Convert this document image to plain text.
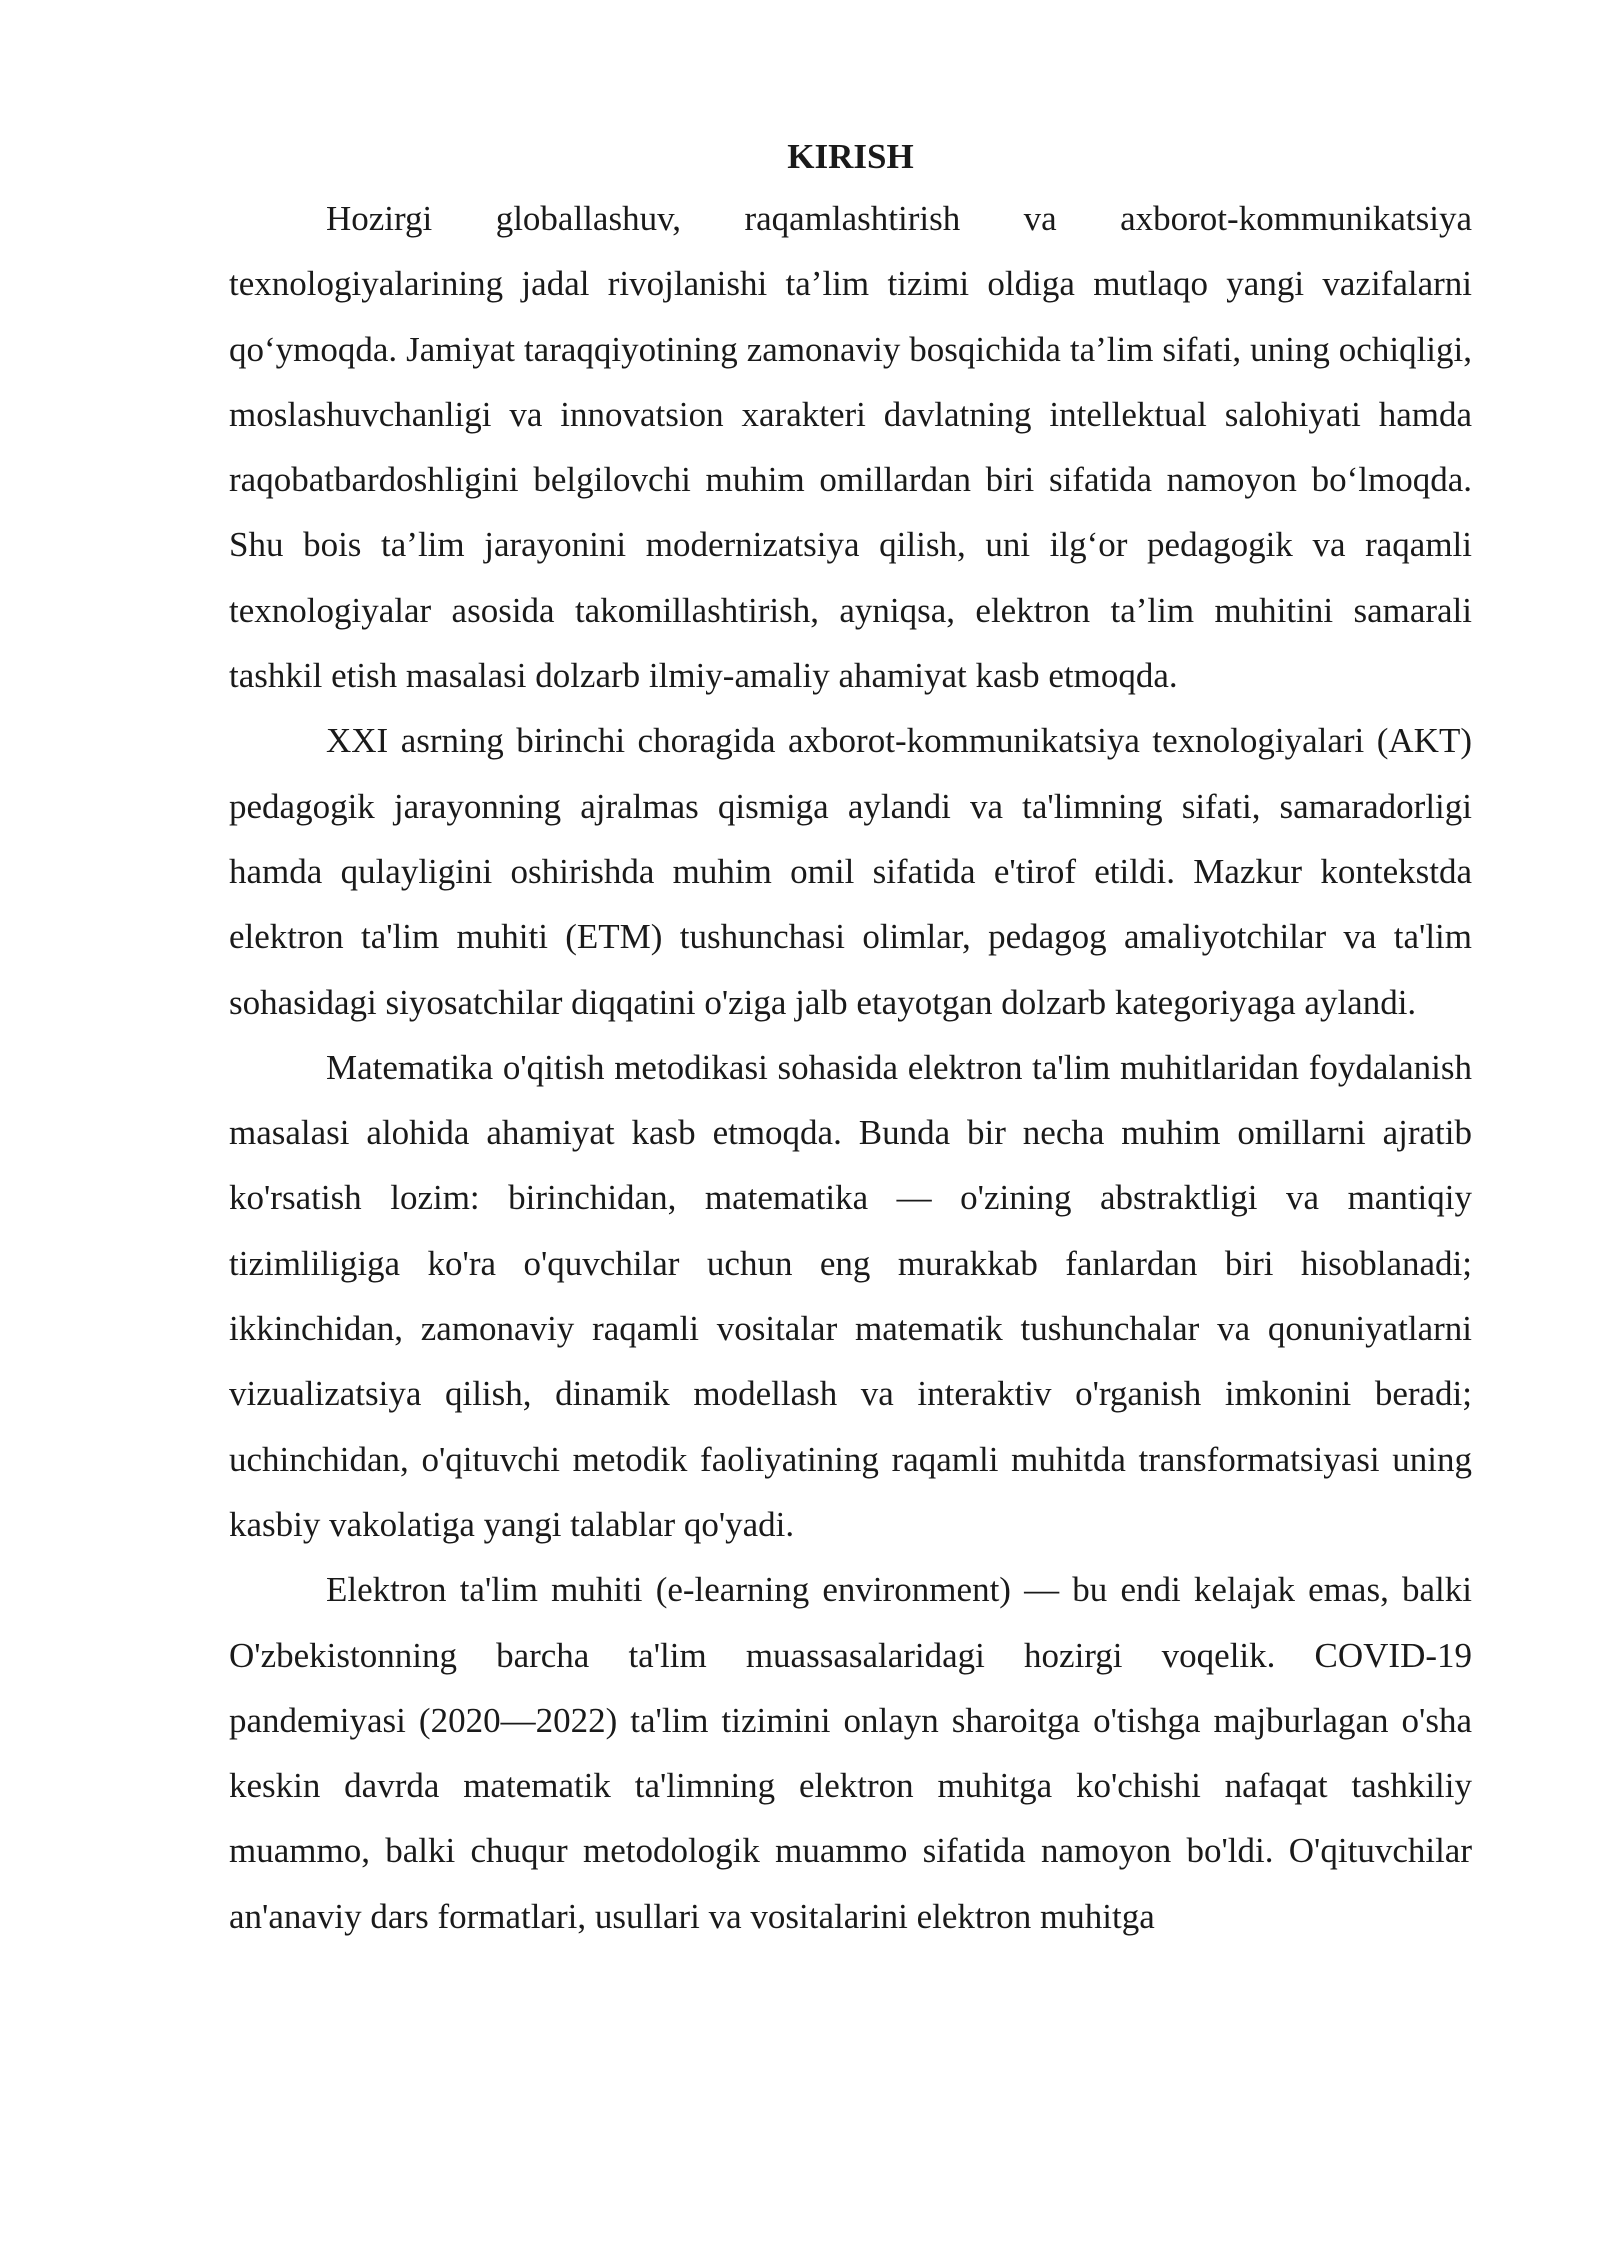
KIRISH

Hozirgi globallashuv, raqamlashtirish va axborot-kommunikatsiya texnologiyalarining jadal rivojlanishi ta’lim tizimi oldiga mutlaqo yangi vazifalarni qo‘ymoqda. Jamiyat taraqqiyotining zamonaviy bosqichida ta’lim sifati, uning ochiqligi, moslashuvchanligi va innovatsion xarakteri davlatning intellektual salohiyati hamda raqobatbardoshligini belgilovchi muhim omillardan biri sifatida namoyon bo‘lmoqda. Shu bois ta’lim jarayonini modernizatsiya qilish, uni ilg‘or pedagogik va raqamli texnologiyalar asosida takomillashtirish, ayniqsa, elektron ta’lim muhitini samarali tashkil etish masalasi dolzarb ilmiy-amaliy ahamiyat kasb etmoqda.

XXI asrning birinchi choragida axborot-kommunikatsiya texnologiyalari (AKT) pedagogik jarayonning ajralmas qismiga aylandi va ta'limning sifati, samaradorligi hamda qulayligini oshirishda muhim omil sifatida e'tirof etildi. Mazkur kontekstda elektron ta'lim muhiti (ETM) tushunchasi olimlar, pedagog amaliyotchilar va ta'lim sohasidagi siyosatchilar diqqatini o'ziga jalb etayotgan dolzarb kategoriyaga aylandi.

Matematika o'qitish metodikasi sohasida elektron ta'lim muhitlaridan foydalanish masalasi alohida ahamiyat kasb etmoqda. Bunda bir necha muhim omillarni ajratib ko'rsatish lozim: birinchidan, matematika — o'zining abstraktligi va mantiqiy tizimliligiga ko'ra o'quvchilar uchun eng murakkab fanlardan biri hisoblanadi; ikkinchidan, zamonaviy raqamli vositalar matematik tushunchalar va qonuniyatlarni vizualizatsiya qilish, dinamik modellash va interaktiv o'rganish imkonini beradi; uchinchidan, o'qituvchi metodik faoliyatining raqamli muhitda transformatsiyasi uning kasbiy vakolatiga yangi talablar qo'yadi.

Elektron ta'lim muhiti (e-learning environment) — bu endi kelajak emas, balki O'zbekistonning barcha ta'lim muassasalaridagi hozirgi voqelik. COVID-19 pandemiyasi (2020—2022) ta'lim tizimini onlayn sharoitga o'tishga majburlagan o'sha keskin davrda matematik ta'limning elektron muhitga ko'chishi nafaqat tashkiliy muammo, balki chuqur metodologik muammo sifatida namoyon bo'ldi. O'qituvchilar an'anaviy dars formatlari, usullari va vositalarini elektron muhitga
